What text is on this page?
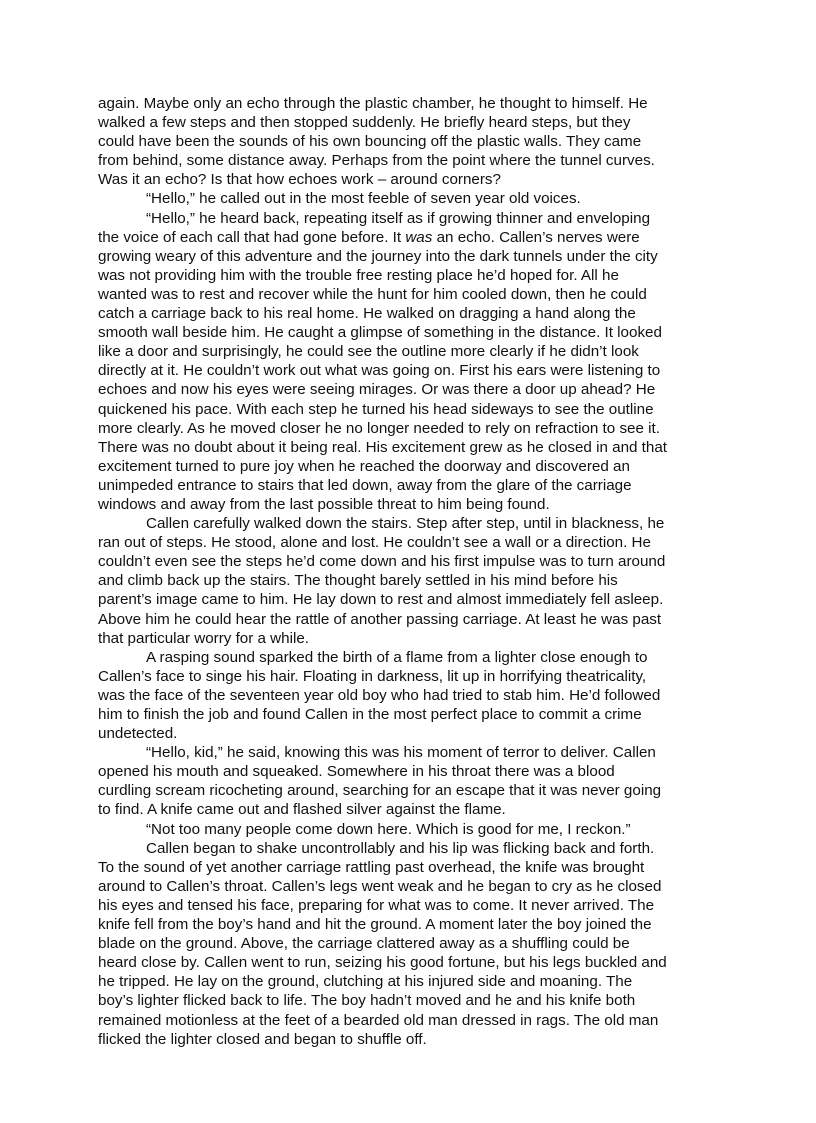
again. Maybe only an echo through the plastic chamber, he thought to himself. He
walked a few steps and then stopped suddenly. He briefly heard steps, but they
could have been the sounds of his own bouncing off the plastic walls. They came
from behind, some distance away. Perhaps from the point where the tunnel curves.
Was it an echo? Is that how echoes work – around corners?
“Hello,” he called out in the most feeble of seven year old voices.
“Hello,” he heard back, repeating itself as if growing thinner and enveloping
the voice of each call that had gone before. It was an echo. Callen’s nerves were
growing weary of this adventure and the journey into the dark tunnels under the city
was not providing him with the trouble free resting place he’d hoped for. All he
wanted was to rest and recover while the hunt for him cooled down, then he could
catch a carriage back to his real home. He walked on dragging a hand along the
smooth wall beside him. He caught a glimpse of something in the distance. It looked
like a door and surprisingly, he could see the outline more clearly if he didn’t look
directly at it. He couldn’t work out what was going on. First his ears were listening to
echoes and now his eyes were seeing mirages. Or was there a door up ahead? He
quickened his pace. With each step he turned his head sideways to see the outline
more clearly. As he moved closer he no longer needed to rely on refraction to see it.
There was no doubt about it being real. His excitement grew as he closed in and that
excitement turned to pure joy when he reached the doorway and discovered an
unimpeded entrance to stairs that led down, away from the glare of the carriage
windows and away from the last possible threat to him being found.
Callen carefully walked down the stairs. Step after step, until in blackness, he
ran out of steps. He stood, alone and lost. He couldn’t see a wall or a direction. He
couldn’t even see the steps he’d come down and his first impulse was to turn around
and climb back up the stairs. The thought barely settled in his mind before his
parent’s image came to him. He lay down to rest and almost immediately fell asleep.
Above him he could hear the rattle of another passing carriage. At least he was past
that particular worry for a while.
A rasping sound sparked the birth of a flame from a lighter close enough to
Callen’s face to singe his hair. Floating in darkness, lit up in horrifying theatricality,
was the face of the seventeen year old boy who had tried to stab him. He’d followed
him to finish the job and found Callen in the most perfect place to commit a crime
undetected.
“Hello, kid,” he said, knowing this was his moment of terror to deliver. Callen
opened his mouth and squeaked. Somewhere in his throat there was a blood
curdling scream ricocheting around, searching for an escape that it was never going
to find. A knife came out and flashed silver against the flame.
“Not too many people come down here. Which is good for me, I reckon.”
Callen began to shake uncontrollably and his lip was flicking back and forth.
To the sound of yet another carriage rattling past overhead, the knife was brought
around to Callen’s throat. Callen’s legs went weak and he began to cry as he closed
his eyes and tensed his face, preparing for what was to come. It never arrived. The
knife fell from the boy’s hand and hit the ground. A moment later the boy joined the
blade on the ground. Above, the carriage clattered away as a shuffling could be
heard close by. Callen went to run, seizing his good fortune, but his legs buckled and
he tripped. He lay on the ground, clutching at his injured side and moaning. The
boy’s lighter flicked back to life. The boy hadn’t moved and he and his knife both
remained motionless at the feet of a bearded old man dressed in rags. The old man
flicked the lighter closed and began to shuffle off.
